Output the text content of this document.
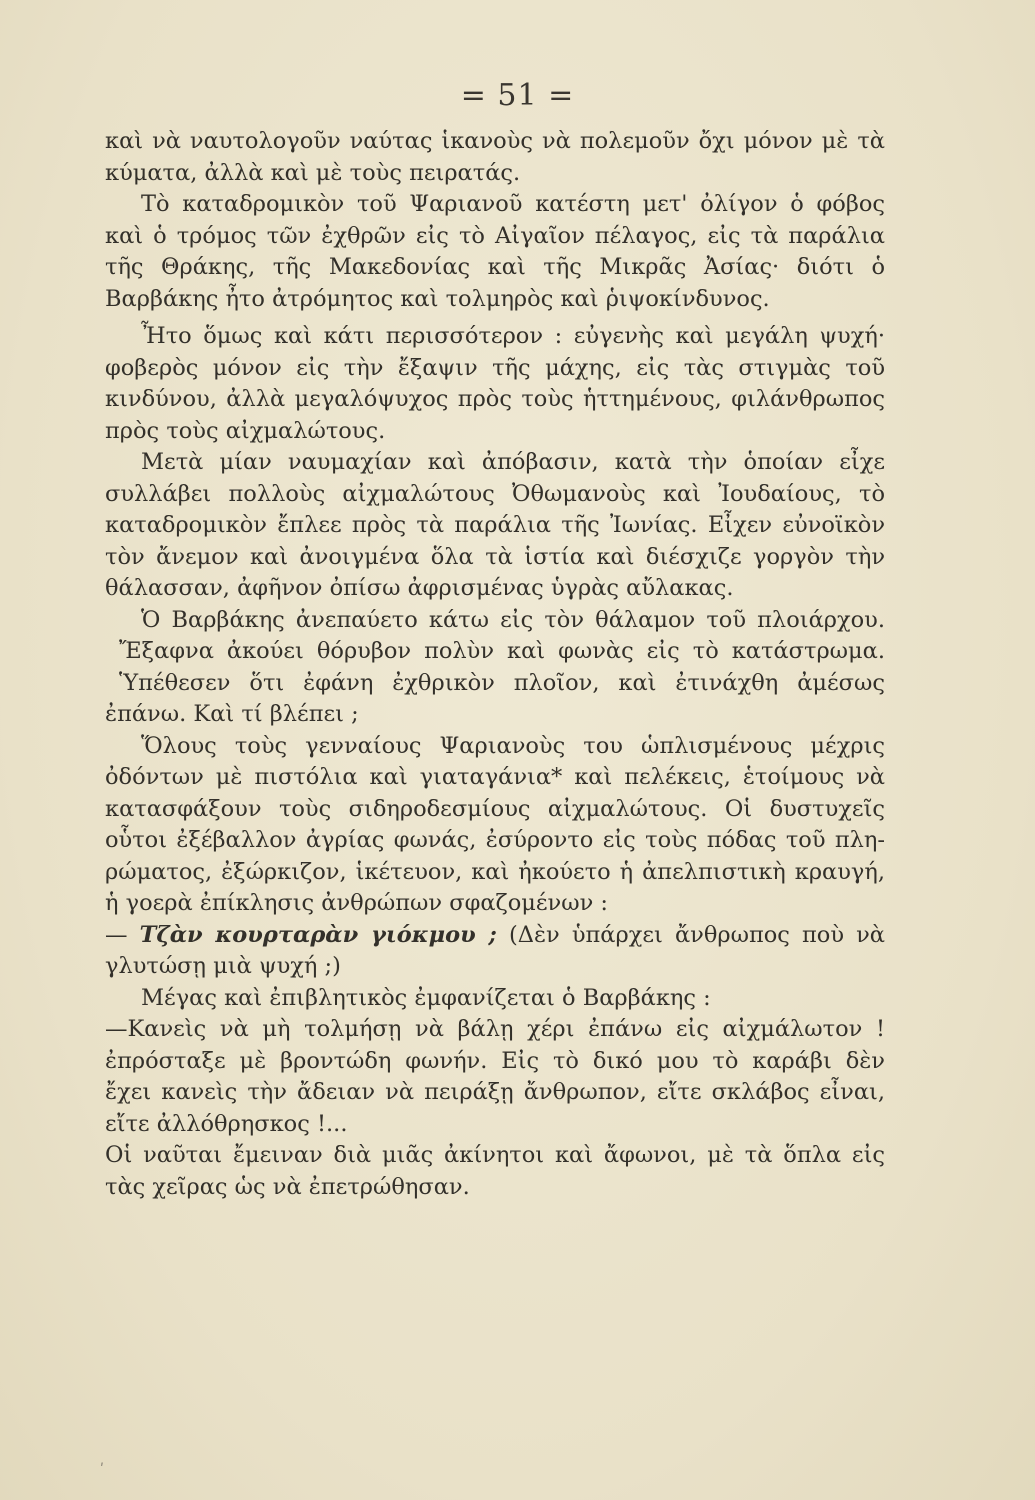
= 51 =
καὶ νὰ ναυτολογοῦν ναύτας ἱκανοὺς νὰ πολεμοῦν ὄχι μόνον μὲ τὰ
κύματα, ἀλλὰ καὶ μὲ τοὺς πειρατάς.
Τὸ καταδρομικὸν τοῦ Ψαριανοῦ κατέστη μετ' ὀλίγον ὁ φόβος
καὶ ὁ τρόμος τῶν ἐχθρῶν εἰς τὸ Αἰγαῖον πέλαγος, εἰς τὰ παράλια
τῆς Θράκης, τῆς Μακεδονίας καὶ τῆς Μικρᾶς Ἀσίας· διότι ὁ
Βαρβάκης ἦτο ἀτρόμητος καὶ τολμηρὸς καὶ ῥιψοκίνδυνος.
Ἦτο ὅμως καὶ κάτι περισσότερον : εὐγενὴς καὶ μεγάλη ψυχή·
φοβερὸς μόνον εἰς τὴν ἔξαψιν τῆς μάχης, εἰς τὰς στιγμὰς τοῦ
κινδύνου, ἀλλὰ μεγαλόψυχος πρὸς τοὺς ἡττημένους, φιλάνθρωπος
πρὸς τοὺς αἰχμαλώτους.
Μετὰ μίαν ναυμαχίαν καὶ ἀπόβασιν, κατὰ τὴν ὁποίαν εἶχε
συλλάβει πολλοὺς αἰχμαλώτους Ὀθωμανοὺς καὶ Ἰουδαίους, τὸ
καταδρομικὸν ἔπλεε πρὸς τὰ παράλια τῆς Ἰωνίας. Εἶχεν εὐνοϊκὸν
τὸν ἄνεμον καὶ ἀνοιγμένα ὅλα τὰ ἱστία καὶ διέσχιζε γοργὸν τὴν
θάλασσαν, ἀφῆνον ὀπίσω ἀφρισμένας ὑγρὰς αὔλακας.
Ὁ Βαρβάκης ἀνεπαύετο κάτω εἰς τὸν θάλαμον τοῦ πλοιάρχου.
Ἔξαφνα ἀκούει θόρυβον πολὺν καὶ φωνὰς εἰς τὸ κατάστρωμα.
Ὑπέθεσεν ὅτι ἐφάνη ἐχθρικὸν πλοῖον, καὶ ἐτινάχθη ἀμέσως
ἐπάνω. Καὶ τί βλέπει ;
Ὅλους τοὺς γενναίους Ψαριανοὺς του ὡπλισμένους μέχρις
ὀδόντων μὲ πιστόλια καὶ γιαταγάνια* καὶ πελέκεις, ἑτοίμους νὰ
κατασφάξουν τοὺς σιδηροδεσμίους αἰχμαλώτους. Οἱ δυστυχεῖς
οὗτοι ἐξέβαλλον ἀγρίας φωνάς, ἐσύροντο εἰς τοὺς πόδας τοῦ πλη-
ρώματος, ἐξώρκιζον, ἱκέτευον, καὶ ἠκούετο ἡ ἀπελπιστικὴ κραυγή,
ἡ γοερὰ ἐπίκλησις ἀνθρώπων σφαζομένων :
— Τζὰν κουρταρὰν γιόκμου ; (Δὲν ὑπάρχει ἄνθρωπος ποὺ νὰ
γλυτώσῃ μιὰ ψυχή ;)
Μέγας καὶ ἐπιβλητικὸς ἐμφανίζεται ὁ Βαρβάκης :
—Κανεὶς νὰ μὴ τολμήσῃ νὰ βάλῃ χέρι ἐπάνω εἰς αἰχμάλωτον !
ἐπρόσταξε μὲ βροντώδη φωνήν. Εἰς τὸ δικό μου τὸ καράβι δὲν
ἔχει κανεὶς τὴν ἄδειαν νὰ πειράξῃ ἄνθρωπον, εἴτε σκλάβος εἶναι,
εἴτε ἀλλόθρησκος !...
Οἱ ναῦται ἔμειναν διὰ μιᾶς ἀκίνητοι καὶ ἄφωνοι, μὲ τὰ ὅπλα εἰς
τὰς χεῖρας ὡς νὰ ἐπετρώθησαν.
ʹ
